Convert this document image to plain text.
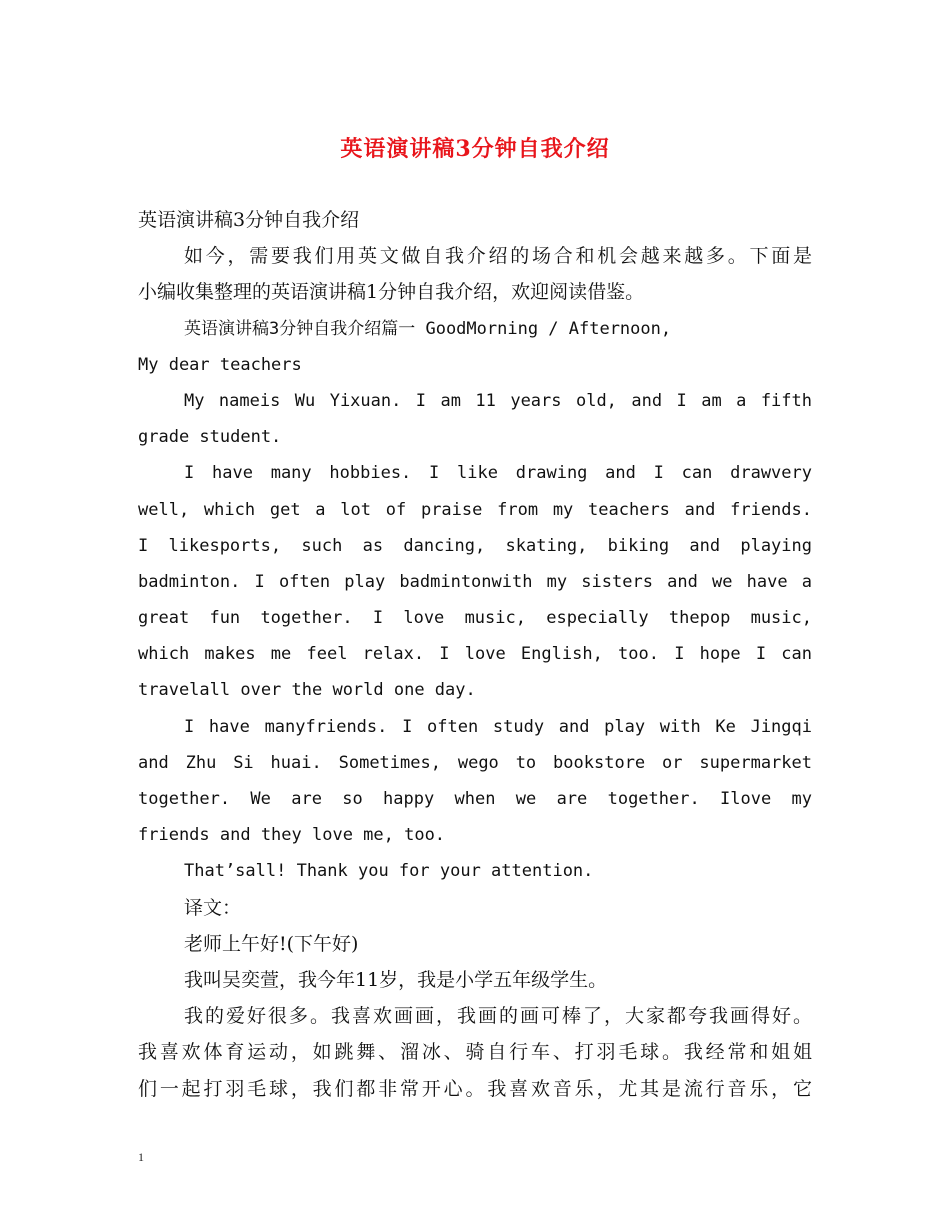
英语演讲稿3分钟自我介绍
英语演讲稿3分钟自我介绍
如今，需要我们用英文做自我介绍的场合和机会越来越多。下面是
小编收集整理的英语演讲稿1分钟自我介绍，欢迎阅读借鉴。
英语演讲稿3分钟自我介绍篇一 GoodMorning / Afternoon,
My dear teachers
My nameis Wu Yixuan. I am 11 years old, and I am a fifth
grade student.
I have many hobbies. I like drawing and I can drawvery
well, which get a lot of praise from my teachers and friends.
I likesports, such as dancing, skating, biking and playing
badminton. I often play badmintonwith my sisters and we have a
great fun together. I love music, especially thepop music,
which makes me feel relax. I love English, too. I hope I can
travelall over the world one day.
I have manyfriends. I often study and play with Ke Jingqi
and Zhu Si huai. Sometimes, wego to bookstore or supermarket
together. We are so happy when we are together. Ilove my
friends and they love me, too.
That’sall! Thank you for your attention.
译文：
老师上午好!(下午好)
我叫吴奕萱，我今年11岁，我是小学五年级学生。
我的爱好很多。我喜欢画画，我画的画可棒了，大家都夸我画得好。
我喜欢体育运动，如跳舞、溜冰、骑自行车、打羽毛球。我经常和姐姐
们一起打羽毛球，我们都非常开心。我喜欢音乐，尤其是流行音乐，它
1
